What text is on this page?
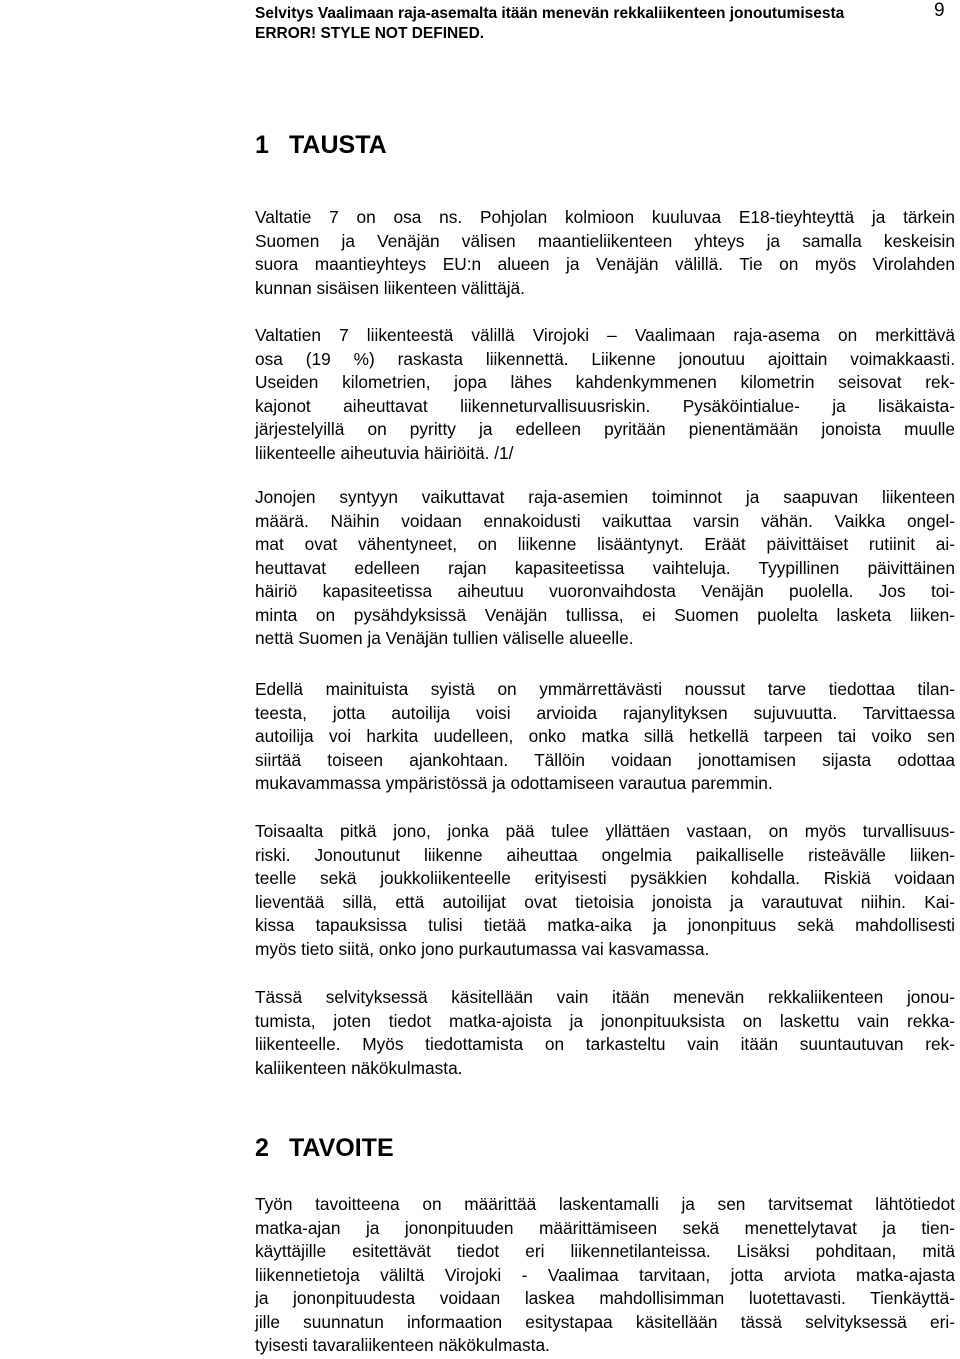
Selvitys Vaalimaan raja-asemalta itään menevän rekkaliikenteen jonoutumisesta
ERROR! STYLE NOT DEFINED.
9
1 TAUSTA
Valtatie 7 on osa ns. Pohjolan kolmioon kuuluvaa E18-tieyhteyttä ja tärkein
Suomen ja Venäjän välisen maantieliikenteen yhteys ja samalla keskeisin
suora maantieyhteys EU:n alueen ja Venäjän välillä. Tie on myös Virolahden
kunnan sisäisen liikenteen välittäjä.
Valtatien 7 liikenteestä välillä Virojoki – Vaalimaan raja-asema on merkittävä
osa (19 %) raskasta liikennettä. Liikenne jonoutuu ajoittain voimakkaasti.
Useiden kilometrien, jopa lähes kahdenkymmenen kilometrin seisovat rek-
kajonot aiheuttavat liikenneturvallisuusriskin. Pysäköintialue- ja lisäkaista-
järjestelyillä on pyritty ja edelleen pyritään pienentämään jonoista muulle
liikenteelle aiheutuvia häiriöitä. /1/
Jonojen syntyyn vaikuttavat raja-asemien toiminnot ja saapuvan liikenteen
määrä. Näihin voidaan ennakoidusti vaikuttaa varsin vähän. Vaikka ongel-
mat ovat vähentyneet, on liikenne lisääntynyt. Eräät päivittäiset rutiinit ai-
heuttavat edelleen rajan kapasiteetissa vaihteluja. Tyypillinen päivittäinen
häiriö kapasiteetissa aiheutuu vuoronvaihdosta Venäjän puolella. Jos toi-
minta on pysähdyksissä Venäjän tullissa, ei Suomen puolelta lasketa liiken-
nettä Suomen ja Venäjän tullien väliselle alueelle.
Edellä mainituista syistä on ymmärrettävästi noussut tarve tiedottaa tilan-
teesta, jotta autoilija voisi arvioida rajanylityksen sujuvuutta. Tarvittaessa
autoilija voi harkita uudelleen, onko matka sillä hetkellä tarpeen tai voiko sen
siirtää toiseen ajankohtaan. Tällöin voidaan jonottamisen sijasta odottaa
mukavammassa ympäristössä ja odottamiseen varautua paremmin.
Toisaalta pitkä jono, jonka pää tulee yllättäen vastaan, on myös turvallisuus-
riski. Jonoutunut liikenne aiheuttaa ongelmia paikalliselle risteävälle liiken-
teelle sekä joukkoliikenteelle erityisesti pysäkkien kohdalla. Riskiä voidaan
lieventää sillä, että autoilijat ovat tietoisia jonoista ja varautuvat niihin. Kai-
kissa tapauksissa tulisi tietää matka-aika ja jononpituus sekä mahdollisesti
myös tieto siitä, onko jono purkautumassa vai kasvamassa.
Tässä selvityksessä käsitellään vain itään menevän rekkaliikenteen jonou-
tumista, joten tiedot matka-ajoista ja jononpituuksista on laskettu vain rekka-
liikenteelle. Myös tiedottamista on tarkasteltu vain itään suuntautuvan rek-
kaliikenteen näkökulmasta.
2 TAVOITE
Työn tavoitteena on määrittää laskentamalli ja sen tarvitsemat lähtötiedot
matka-ajan ja jononpituuden määrittämiseen sekä menettelytavat ja tien-
käyttäjille esitettävät tiedot eri liikennetilanteissa. Lisäksi pohditaan, mitä
liikennetietoja väliltä Virojoki - Vaalimaa tarvitaan, jotta arviota matka-ajasta
ja jononpituudesta voidaan laskea mahdollisimman luotettavasti. Tienkäyttä-
jille suunnatun informaation esitystapaa käsitellään tässä selvityksessä eri-
tyisesti tavaraliikenteen näkökulmasta.
